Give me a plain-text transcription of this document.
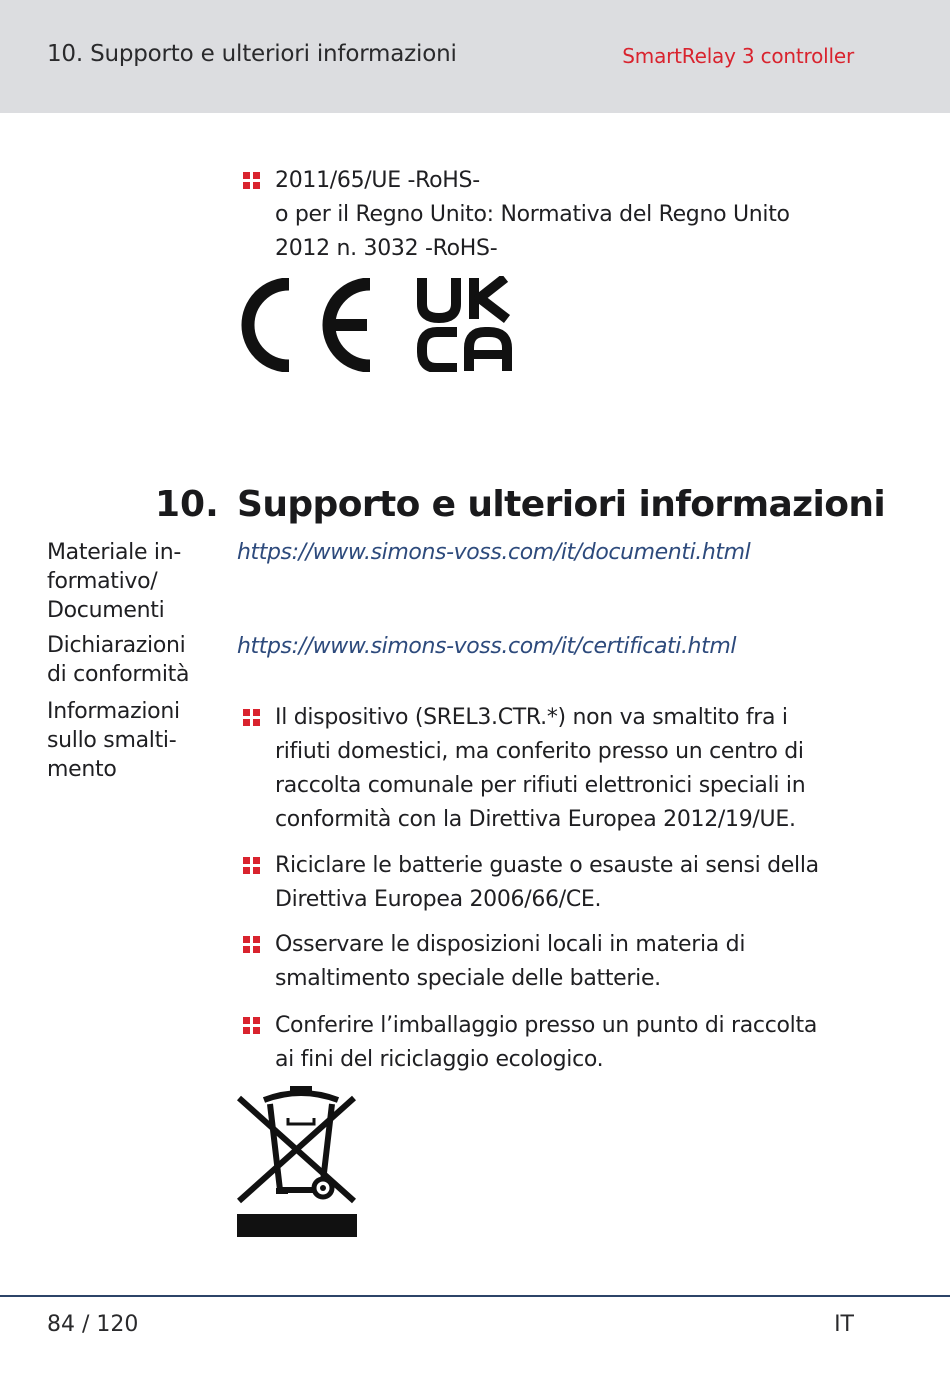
10. Supporto e ulteriori informazioni	SmartRelay 3 controller
2011/65/UE -RoHS-
o per il Regno Unito: Normativa del Regno Unito
2012 n. 3032 -RoHS-
10. Supporto e ulteriori informazioni
Materiale in-
formativo/
Documenti
https://www.simons-voss.com/it/documenti.html
Dichiarazioni
di conformità
https://www.simons-voss.com/it/certificati.html
Informazioni
sullo smalti-
mento
Il dispositivo (SREL3.CTR.*) non va smaltito fra i
rifiuti domestici, ma conferito presso un centro di
raccolta comunale per rifiuti elettronici speciali in
conformità con la Direttiva Europea 2012/19/UE.
Riciclare le batterie guaste o esauste ai sensi della
Direttiva Europea 2006/66/CE.
Osservare le disposizioni locali in materia di
smaltimento speciale delle batterie.
Conferire l’imballaggio presso un punto di raccolta
ai fini del riciclaggio ecologico.
84 / 120	IT
